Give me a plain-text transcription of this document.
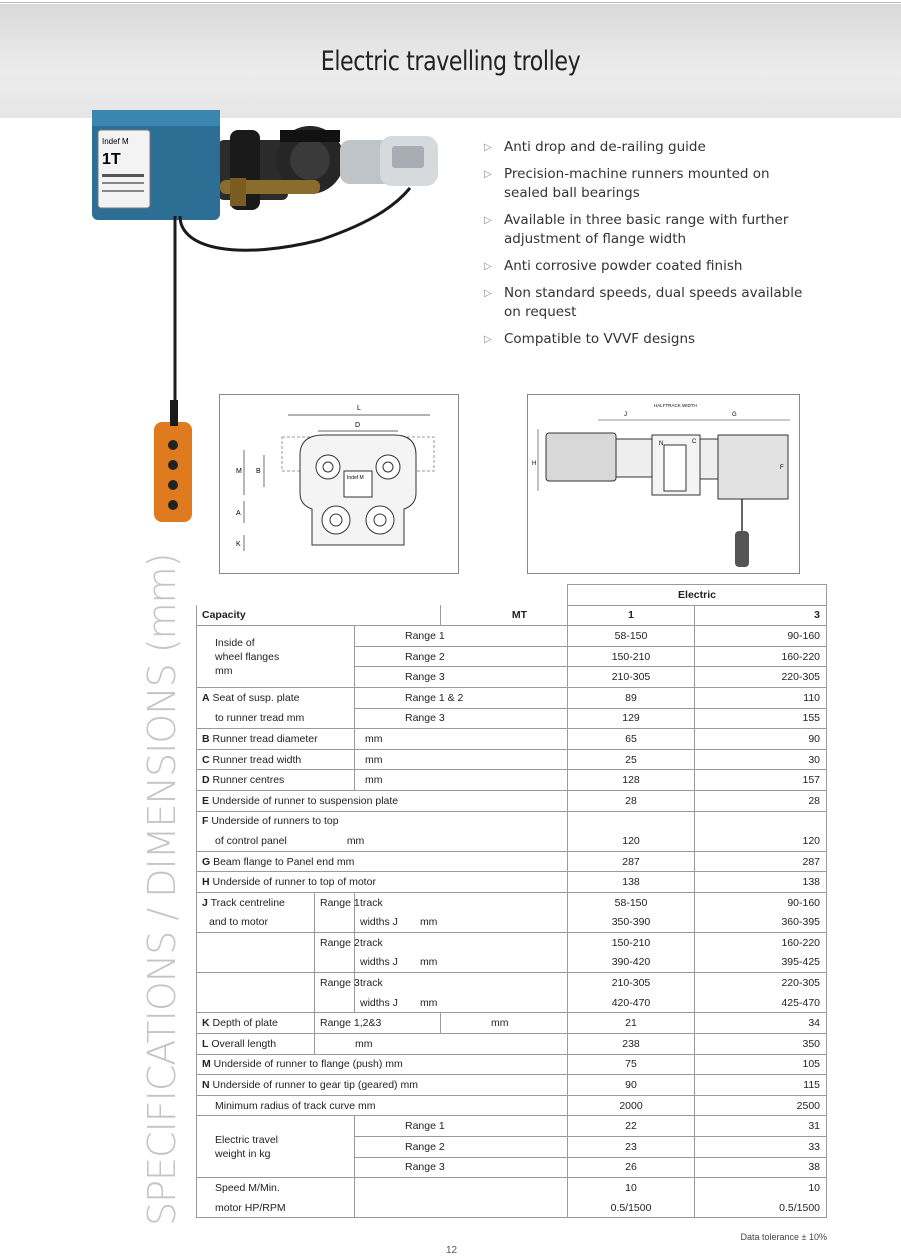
Electric travelling trolley
Indef M
1T
▷ Anti drop and de-railing guide
▷ Precision-machine runners mounted on sealed ball bearings
▷ Available in three basic range with further adjustment of flange width
▷ Anti corrosive powder coated finish
▷ Non standard speeds, dual speeds available on request
▷ Compatible to VVVF designs
L
D
Indef M
M B
A
K
HALFTRACK WIDTH
J	G
H
N	C
F
SPECIFICATIONS / DIMENSIONS (mm)
				Electric	
Capacity			MT	1	3
Inside of
wheel flanges
mm		Range 1		58-150	90-160
		Range 2		150-210	160-220
		Range 3		210-305	220-305
A Seat of susp. plate		Range 1 & 2		89	110
to runner tread mm		Range 3		129	155
B Runner tread diameter		mm		65	90
C Runner tread width		mm		25	30
D Runner centres		mm		128	157
E Underside of runner to suspension plate				28	28
F Underside of runners to top					
of control panel mm				120	120
G Beam flange to Panel end mm				287	287
H Underside of runner to top of motor				138	138
J Track centreline	Range 1	track		58-150	90-160
and to motor		widths J mm		350-390	360-395
	Range 2	track		150-210	160-220
		widths J mm		390-420	395-425
	Range 3	track		210-305	220-305
		widths J mm		420-470	425-470
K Depth of plate	Range 1,2&3		mm	21	34
L Overall length	mm			238	350
M Underside of runner to flange (push) mm				75	105
N Underside of runner to gear tip (geared) mm				90	115
Minimum radius of track curve mm				2000	2500
Electric travel
weight in kg		Range 1		22	31
		Range 2		23	33
		Range 3		26	38
Speed M/Min.				10	10
motor HP/RPM				0.5/1500	0.5/1500
Data tolerance ± 10%
12
